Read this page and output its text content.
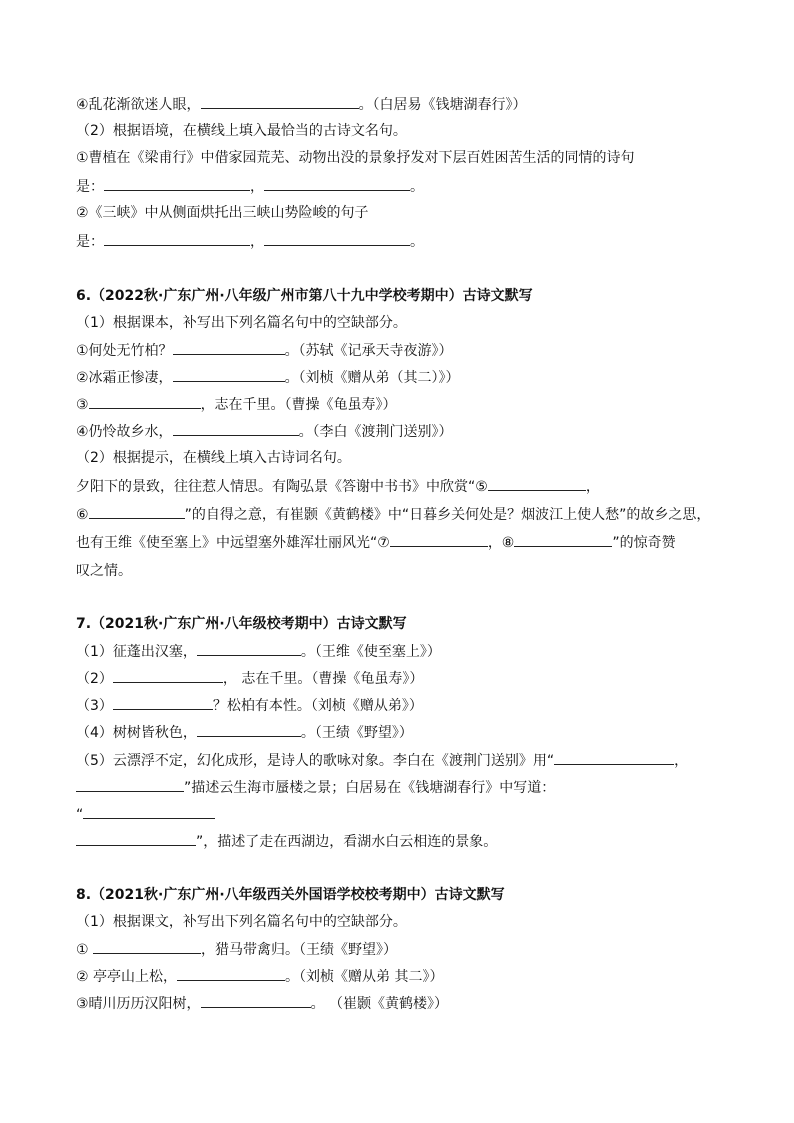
④乱花渐欲迷人眼，	。（白居易《钱塘湖春行》）
（2）根据语境，在横线上填入最恰当的古诗文名句。
①曹植在《梁甫行》中借家园荒芜、动物出没的景象抒发对下层百姓困苦生活的同情的诗句
是：	，	。
②《三峡》中从侧面烘托出三峡山势险峻的句子
是：	，	。
6.（2022秋·广东广州·八年级广州市第八十九中学校考期中）古诗文默写
（1）根据课本，补写出下列名篇名句中的空缺部分。
①何处无竹柏？	。（苏轼《记承天寺夜游》）
②冰霜正惨凄，	。（刘桢《赠从弟（其二）》）
③	，志在千里。（曹操《龟虽寿》）
④仍怜故乡水，	。（李白《渡荆门送别》）
（2）根据提示，在横线上填入古诗词名句。
夕阳下的景致，往往惹人情思。有陶弘景《答谢中书书》中欣赏“⑤	，
⑥	”的自得之意，有崔颢《黄鹤楼》中“日暮乡关何处是？烟波江上使人愁”的故乡之思，
也有王维《使至塞上》中远望塞外雄浑壮丽风光“⑦	，⑧	”的惊奇赞
叹之情。
7.（2021秋·广东广州·八年级校考期中）古诗文默写
（1）征蓬出汉塞，	。（王维《使至塞上》）
（2）	， 志在千里。（曹操《龟虽寿》）
（3）	？松柏有本性。（刘桢《赠从弟》）
（4）树树皆秋色，	。（王绩《野望》）
（5）云漂浮不定，幻化成形，是诗人的歌咏对象。李白在《渡荆门送别》用“	，
”描述云生海市蜃楼之景；白居易在《钱塘湖春行》中写道：
“
”，描述了走在西湖边，看湖水白云相连的景象。
8.（2021秋·广东广州·八年级西关外国语学校校考期中）古诗文默写
（1）根据课文，补写出下列名篇名句中的空缺部分。
①	，猎马带禽归。（王绩《野望》）
② 亭亭山上松，	。（刘桢《赠从弟 其二》）
③晴川历历汉阳树，	。 （崔颢《黄鹤楼》）
